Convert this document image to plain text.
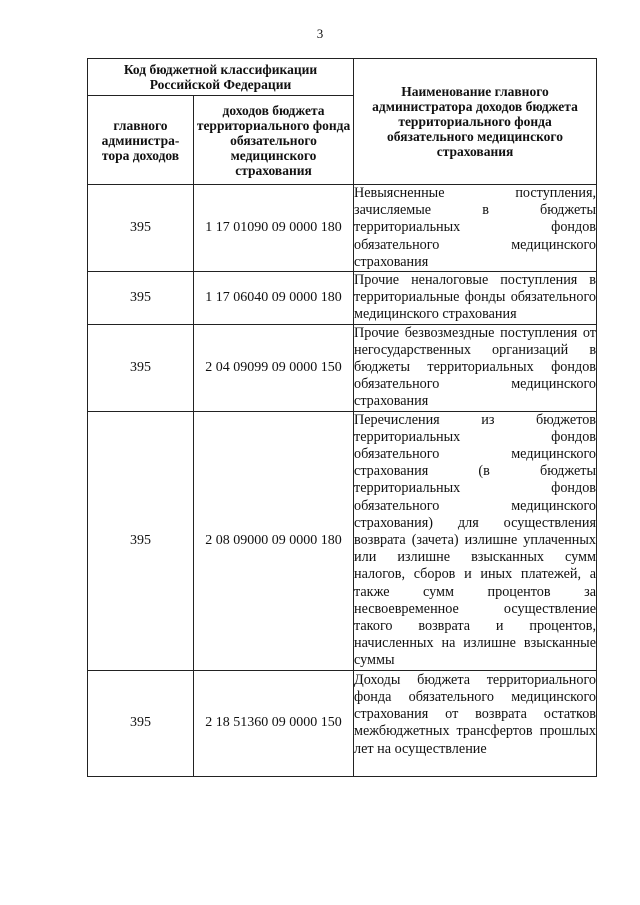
3
Код бюджетной классификации Российской Федерации		Наименование главного администратора доходов бюджета территориального фонда обязательного медицинского страхования
главного администра-тора доходов	доходов бюджета территориального фонда обязательного медицинского страхования	
395	1 17 01090 09 0000 180	Невыясненные поступления, зачисляемые в бюджеты территориальных фондов обязательного медицинского страхования
395	1 17 06040 09 0000 180	Прочие неналоговые поступления в территориальные фонды обязательного медицинского страхования
395	2 04 09099 09 0000 150	Прочие безвозмездные поступления от негосударственных организаций в бюджеты территориальных фондов обязательного медицинского страхования
395	2 08 09000 09 0000 180	Перечисления из бюджетов территориальных фондов обязательного медицинского страхования (в бюджеты территориальных фондов обязательного медицинского страхования) для осуществления возврата (зачета) излишне уплаченных или излишне взысканных сумм налогов, сборов и иных платежей, а также сумм процентов за несвоевременное осуществление такого возврата и процентов, начисленных на излишне взысканные суммы
395	2 18 51360 09 0000 150	Доходы бюджета территориального фонда обязательного медицинского страхования от возврата остатков межбюджетных трансфертов прошлых лет на осуществление
